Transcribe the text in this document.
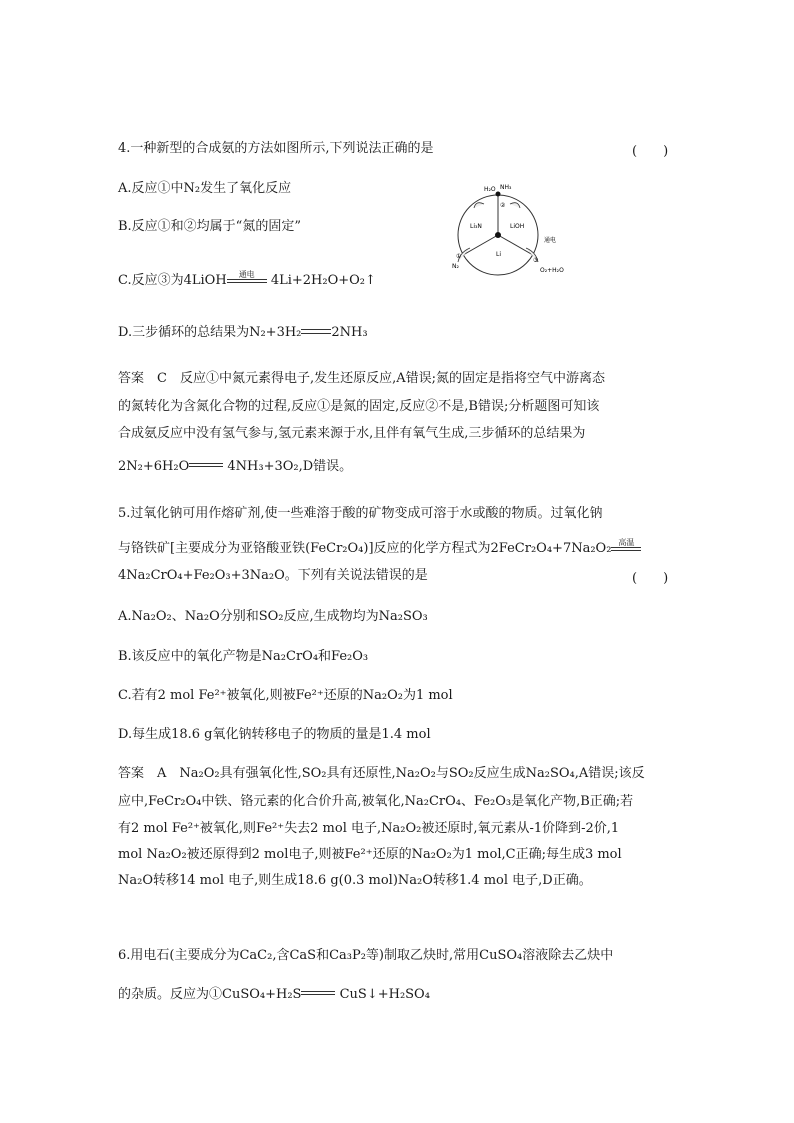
4.一种新型的合成氨的方法如图所示,下列说法正确的是	(　　)
A.反应①中N₂发生了氧化反应
B.反应①和②均属于“氮的固定”
C.反应③为4LiOH	通电	4Li+2H₂O+O₂↑
H₂O NH₃
②
Li₃N	LiOH
Li
①
N₂
通电
③
O₂+H₂O
D.三步循环的总结果为N₂+3H₂ 2NH₃
答案　C　反应①中氮元素得电子,发生还原反应,A错误;氮的固定是指将空气中游离态
的氮转化为含氮化合物的过程,反应①是氮的固定,反应②不是,B错误;分析题图可知该
合成氨反应中没有氢气参与,氢元素来源于水,且伴有氧气生成,三步循环的总结果为
2N₂+6H₂O	4NH₃+3O₂,D错误。
5.过氧化钠可用作熔矿剂,使一些难溶于酸的矿物变成可溶于水或酸的物质。过氧化钠
与铬铁矿[主要成分为亚铬酸亚铁(FeCr₂O₄)]反应的化学方程式为2FeCr₂O₄+7Na₂O₂ 高温
4Na₂CrO₄+Fe₂O₃+3Na₂O。下列有关说法错误的是	(　　)
A.Na₂O₂、Na₂O分别和SO₂反应,生成物均为Na₂SO₃
B.该反应中的氧化产物是Na₂CrO₄和Fe₂O₃
C.若有2 mol Fe²⁺被氧化,则被Fe²⁺还原的Na₂O₂为1 mol
D.每生成18.6 g氧化钠转移电子的物质的量是1.4 mol
答案　A　Na₂O₂具有强氧化性,SO₂具有还原性,Na₂O₂与SO₂反应生成Na₂SO₄,A错误;该反
应中,FeCr₂O₄中铁、铬元素的化合价升高,被氧化,Na₂CrO₄、Fe₂O₃是氧化产物,B正确;若
有2 mol Fe²⁺被氧化,则Fe²⁺失去2 mol 电子,Na₂O₂被还原时,氧元素从-1价降到-2价,1
mol Na₂O₂被还原得到2 mol电子,则被Fe²⁺还原的Na₂O₂为1 mol,C正确;每生成3 mol
Na₂O转移14 mol 电子,则生成18.6 g(0.3 mol)Na₂O转移1.4 mol 电子,D正确。
6.用电石(主要成分为CaC₂,含CaS和Ca₃P₂等)制取乙炔时,常用CuSO₄溶液除去乙炔中
的杂质。反应为①CuSO₄+H₂S	CuS↓+H₂SO₄
